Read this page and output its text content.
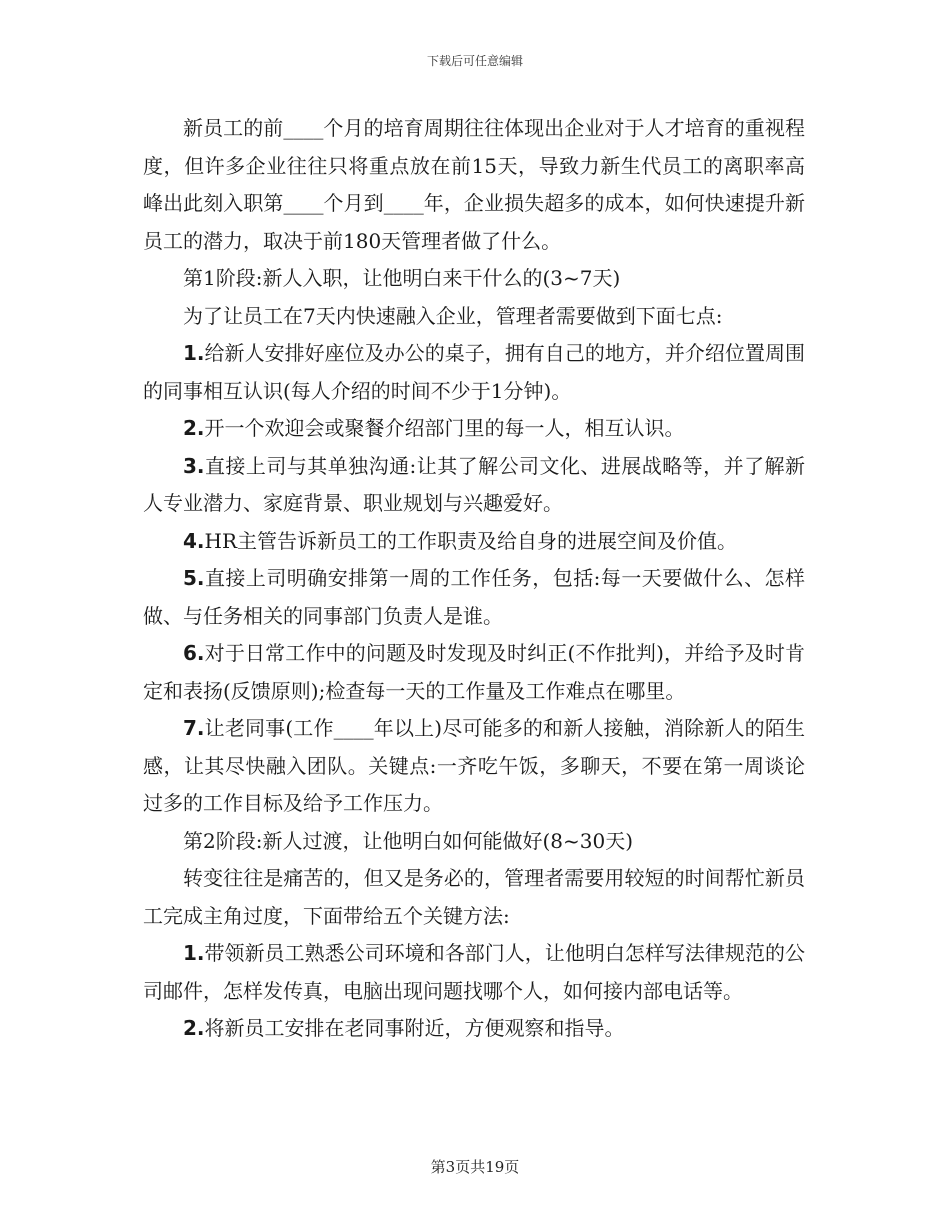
下载后可任意编辑

新员工的前____个月的培育周期往往体现出企业对于人才培育的重视程度，但许多企业往往只将重点放在前15天，导致力新生代员工的离职率高峰出此刻入职第____个月到____年，企业损失超多的成本，如何快速提升新员工的潜力，取决于前180天管理者做了什么。

第1阶段:新人入职，让他明白来干什么的(3~7天)

为了让员工在7天内快速融入企业，管理者需要做到下面七点:

1.给新人安排好座位及办公的桌子，拥有自己的地方，并介绍位置周围的同事相互认识(每人介绍的时间不少于1分钟)。

2.开一个欢迎会或聚餐介绍部门里的每一人，相互认识。

3.直接上司与其单独沟通:让其了解公司文化、进展战略等，并了解新人专业潜力、家庭背景、职业规划与兴趣爱好。

4.HR主管告诉新员工的工作职责及给自身的进展空间及价值。

5.直接上司明确安排第一周的工作任务，包括:每一天要做什么、怎样做、与任务相关的同事部门负责人是谁。

6.对于日常工作中的问题及时发现及时纠正(不作批判)，并给予及时肯定和表扬(反馈原则);检查每一天的工作量及工作难点在哪里。

7.让老同事(工作____年以上)尽可能多的和新人接触，消除新人的陌生感，让其尽快融入团队。关键点:一齐吃午饭，多聊天，不要在第一周谈论过多的工作目标及给予工作压力。

第2阶段:新人过渡，让他明白如何能做好(8~30天)

转变往往是痛苦的，但又是务必的，管理者需要用较短的时间帮忙新员工完成主角过度，下面带给五个关键方法:

1.带领新员工熟悉公司环境和各部门人，让他明白怎样写法律规范的公司邮件，怎样发传真，电脑出现问题找哪个人，如何接内部电话等。

2.将新员工安排在老同事附近，方便观察和指导。

第3页共19页
